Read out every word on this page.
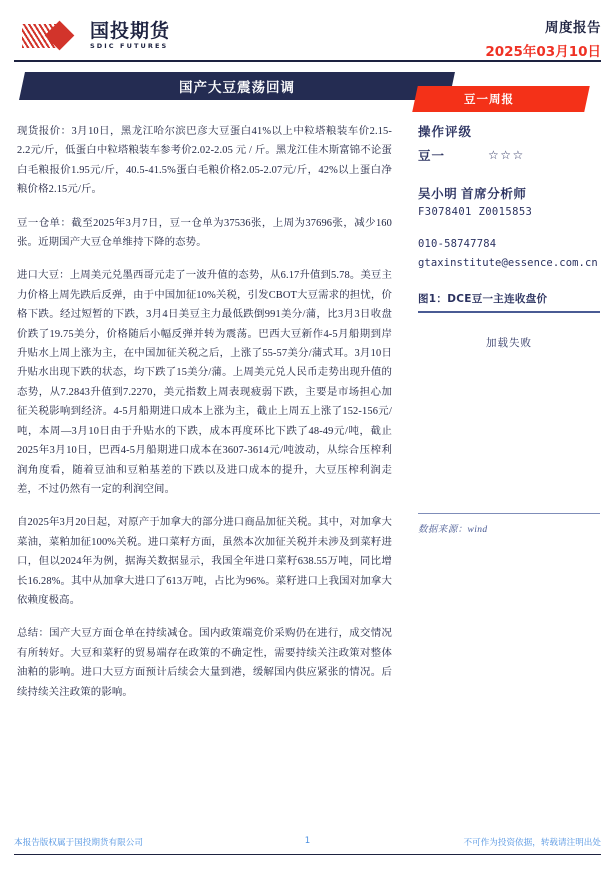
国投期货
SDIC FUTURES
周度报告
2025年03月10日
国产大豆震荡回调
豆一周报

现货报价：3月10日，黑龙江哈尔滨巴彦大豆蛋白41%以上中粒塔粮装车价2.15-2.2元/斤，低蛋白中粒塔粮装车参考价2.02-2.05 元 / 斤。黑龙江佳木斯富锦不论蛋白毛粮报价1.95元/斤，40.5-41.5%蛋白毛粮价格2.05-2.07元/斤，42%以上蛋白净粮价格2.15元/斤。

豆一仓单：截至2025年3月7日，豆一仓单为37536张，上周为37696张，减少160张。近期国产大豆仓单维持下降的态势。

进口大豆：上周美元兑墨西哥元走了一波升值的态势，从6.17升值到5.78。美豆主力价格上周先跌后反弹，由于中国加征10%关税，引发CBOT大豆需求的担忧，价格下跌。经过短暂的下跌，3月4日美豆主力最低跌倒991美分/蒲，比3月3日收盘价跌了19.75美分，价格随后小幅反弹并转为震荡。巴西大豆新作4-5月船期到岸升贴水上周上涨为主，在中国加征关税之后，上涨了55-57美分/蒲式耳。3月10日升贴水出现下跌的状态，均下跌了15美分/蒲。上周美元兑人民币走势出现升值的态势，从7.2843升值到7.2270，美元指数上周表现疲弱下跌，主要是市场担心加征关税影响到经济。4-5月船期进口成本上涨为主，截止上周五上涨了152-156元/吨，本周—3月10日由于升贴水的下跌，成本再度环比下跌了48-49元/吨，截止2025年3月10日，巴西4-5月船期进口成本在3607-3614元/吨波动，从综合压榨利润角度看，随着豆油和豆粕基差的下跌以及进口成本的提升，大豆压榨利润走差，不过仍然有一定的利润空间。

自2025年3月20日起，对原产于加拿大的部分进口商品加征关税。其中，对加拿大菜油，菜粕加征100%关税。进口菜籽方面，虽然本次加征关税并未涉及到菜籽进口，但以2024年为例，据海关数据显示，我国全年进口菜籽638.55万吨，同比增长16.28%。其中从加拿大进口了613万吨，占比为96%。菜籽进口上我国对加拿大依赖度极高。

总结：国产大豆方面仓单在持续减仓。国内政策端竞价采购仍在进行，成交情况有所转好。大豆和菜籽的贸易端存在政策的不确定性，需要持续关注政策对整体油粕的影响。进口大豆方面预计后续会大量到港，缓解国内供应紧张的情况。后续持续关注政策的影响。

操作评级
豆一	☆☆☆
吴小明 首席分析师
F3078401 Z0015853
010-58747784
gtaxinstitute@essence.com.cn
图1：DCE豆一主连收盘价
加载失败
数据来源：wind
本报告版权属于国投期货有限公司	不可作为投资依据，转载请注明出处
1
